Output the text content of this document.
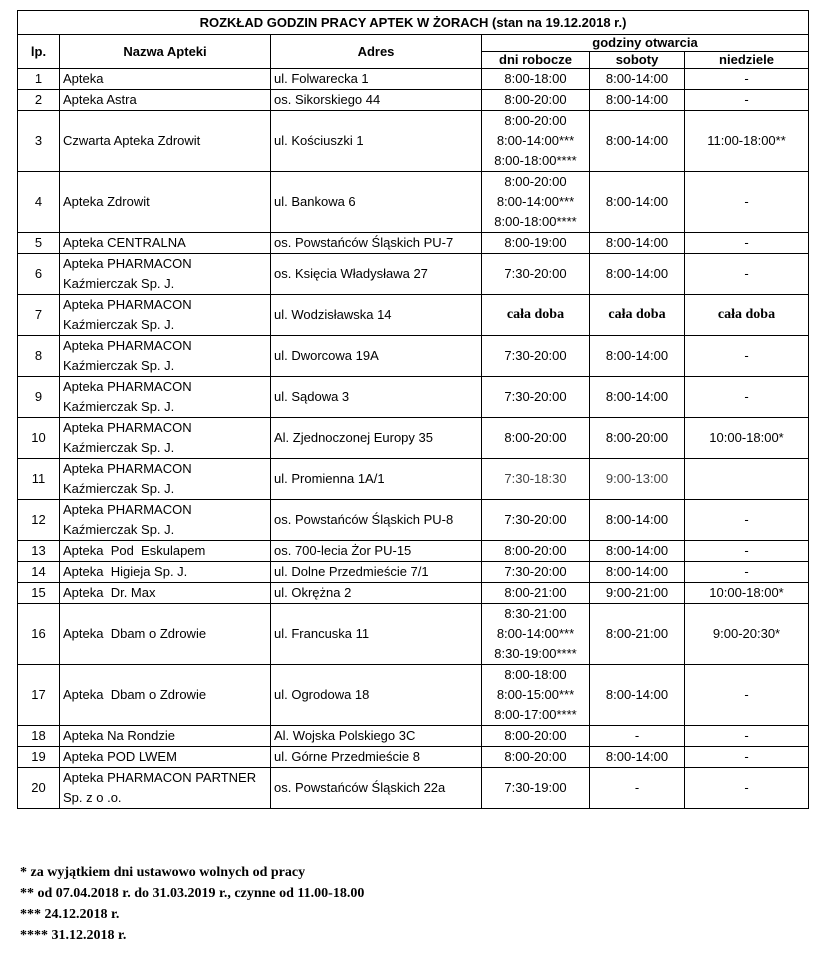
ROZKŁAD GODZIN PRACY APTEK W ŻORACH (stan na 19.12.2018 r.)					
lp.	Nazwa Apteki	Adres	godziny otwarcia		
			dni robocze	soboty	niedziele
1	Apteka	ul. Folwarecka 1	8:00-18:00	8:00-14:00	-
2	Apteka Astra	os. Sikorskiego 44	8:00-20:00	8:00-14:00	-
3	Czwarta Apteka Zdrowit	ul. Kościuszki 1	8:00-20:00
8:00-14:00***
8:00-18:00****	8:00-14:00	11:00-18:00**
4	Apteka Zdrowit	ul. Bankowa 6	8:00-20:00
8:00-14:00***
8:00-18:00****	8:00-14:00	-
5	Apteka CENTRALNA	os. Powstańców Śląskich PU-7	8:00-19:00	8:00-14:00	-
6	Apteka PHARMACON
Kaźmierczak Sp. J.	os. Księcia Władysława 27	7:30-20:00	8:00-14:00	-
7	Apteka PHARMACON
Kaźmierczak Sp. J.	ul. Wodzisławska 14	cała doba	cała doba	cała doba
8	Apteka PHARMACON
Kaźmierczak Sp. J.	ul. Dworcowa 19A	7:30-20:00	8:00-14:00	-
9	Apteka PHARMACON
Kaźmierczak Sp. J.	ul. Sądowa 3	7:30-20:00	8:00-14:00	-
10	Apteka PHARMACON
Kaźmierczak Sp. J.	Al. Zjednoczonej Europy 35	8:00-20:00	8:00-20:00	10:00-18:00*
11	Apteka PHARMACON
Kaźmierczak Sp. J.	ul. Promienna 1A/1	7:30-18:30	9:00-13:00	
12	Apteka PHARMACON
Kaźmierczak Sp. J.	os. Powstańców Śląskich PU-8	7:30-20:00	8:00-14:00	-
13	Apteka  Pod  Eskulapem	os. 700-lecia Żor PU-15	8:00-20:00	8:00-14:00	-
14	Apteka  Higieja Sp. J.	ul. Dolne Przedmieście 7/1	7:30-20:00	8:00-14:00	-
15	Apteka  Dr. Max	ul. Okrężna 2	8:00-21:00	9:00-21:00	10:00-18:00*
16	Apteka  Dbam o Zdrowie	ul. Francuska 11	8:30-21:00
8:00-14:00***
8:30-19:00****	8:00-21:00	9:00-20:30*
17	Apteka  Dbam o Zdrowie	ul. Ogrodowa 18	8:00-18:00
8:00-15:00***
8:00-17:00****	8:00-14:00	-
18	Apteka Na Rondzie	Al. Wojska Polskiego 3C	8:00-20:00	-	-
19	Apteka POD LWEM	ul. Górne Przedmieście 8	8:00-20:00	8:00-14:00	-
20	Apteka PHARMACON PARTNER
Sp. z o .o.	os. Powstańców Śląskich 22a	7:30-19:00	-	-
* za wyjątkiem dni ustawowo wolnych od pracy
** od 07.04.2018 r. do 31.03.2019 r., czynne od 11.00-18.00
*** 24.12.2018 r.
**** 31.12.2018 r.
